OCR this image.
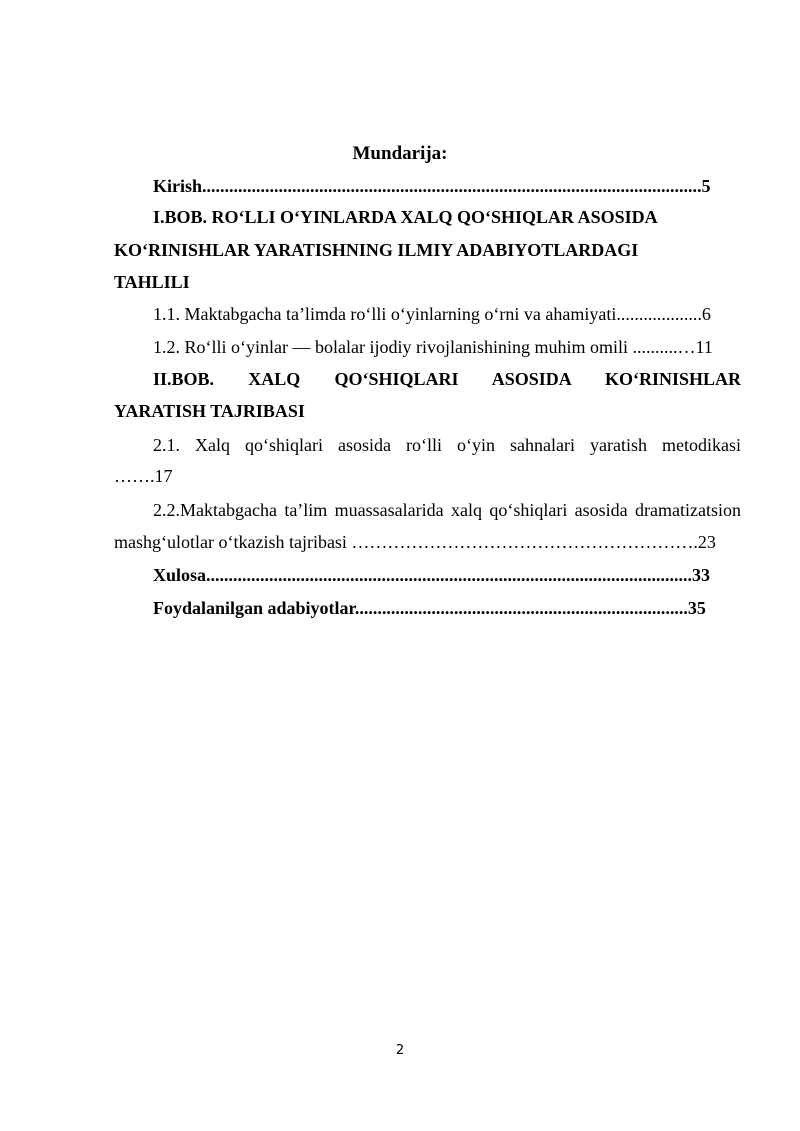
Mundarija:
Kirish...............................................................................................................5
I.BOB. RO‘LLI O‘YINLARDA XALQ QO‘SHIQLAR ASOSIDA
KO‘RINISHLAR YARATISHNING ILMIY ADABIYOTLARDAGI
TAHLILI
1.1. Maktabgacha ta’limda ro‘lli o‘yinlarning o‘rni va ahamiyati...................6
1.2. Ro‘lli o‘yinlar — bolalar ijodiy rivojlanishining muhim omili ..........…11
II.BOB. XALQ QO‘SHIQLARI ASOSIDA KO‘RINISHLAR
YARATISH TAJRIBASI
2.1. Xalq qo‘shiqlari asosida ro‘lli o‘yin sahnalari yaratish metodikasi
…….17
2.2.Maktabgacha ta’lim muassasalarida xalq qo‘shiqlari asosida dramatizatsion
mashg‘ulotlar o‘tkazish tajribasi ………………………………………………….23
Xulosa............................................................................................................33
Foydalanilgan adabiyotlar..........................................................................35
2
